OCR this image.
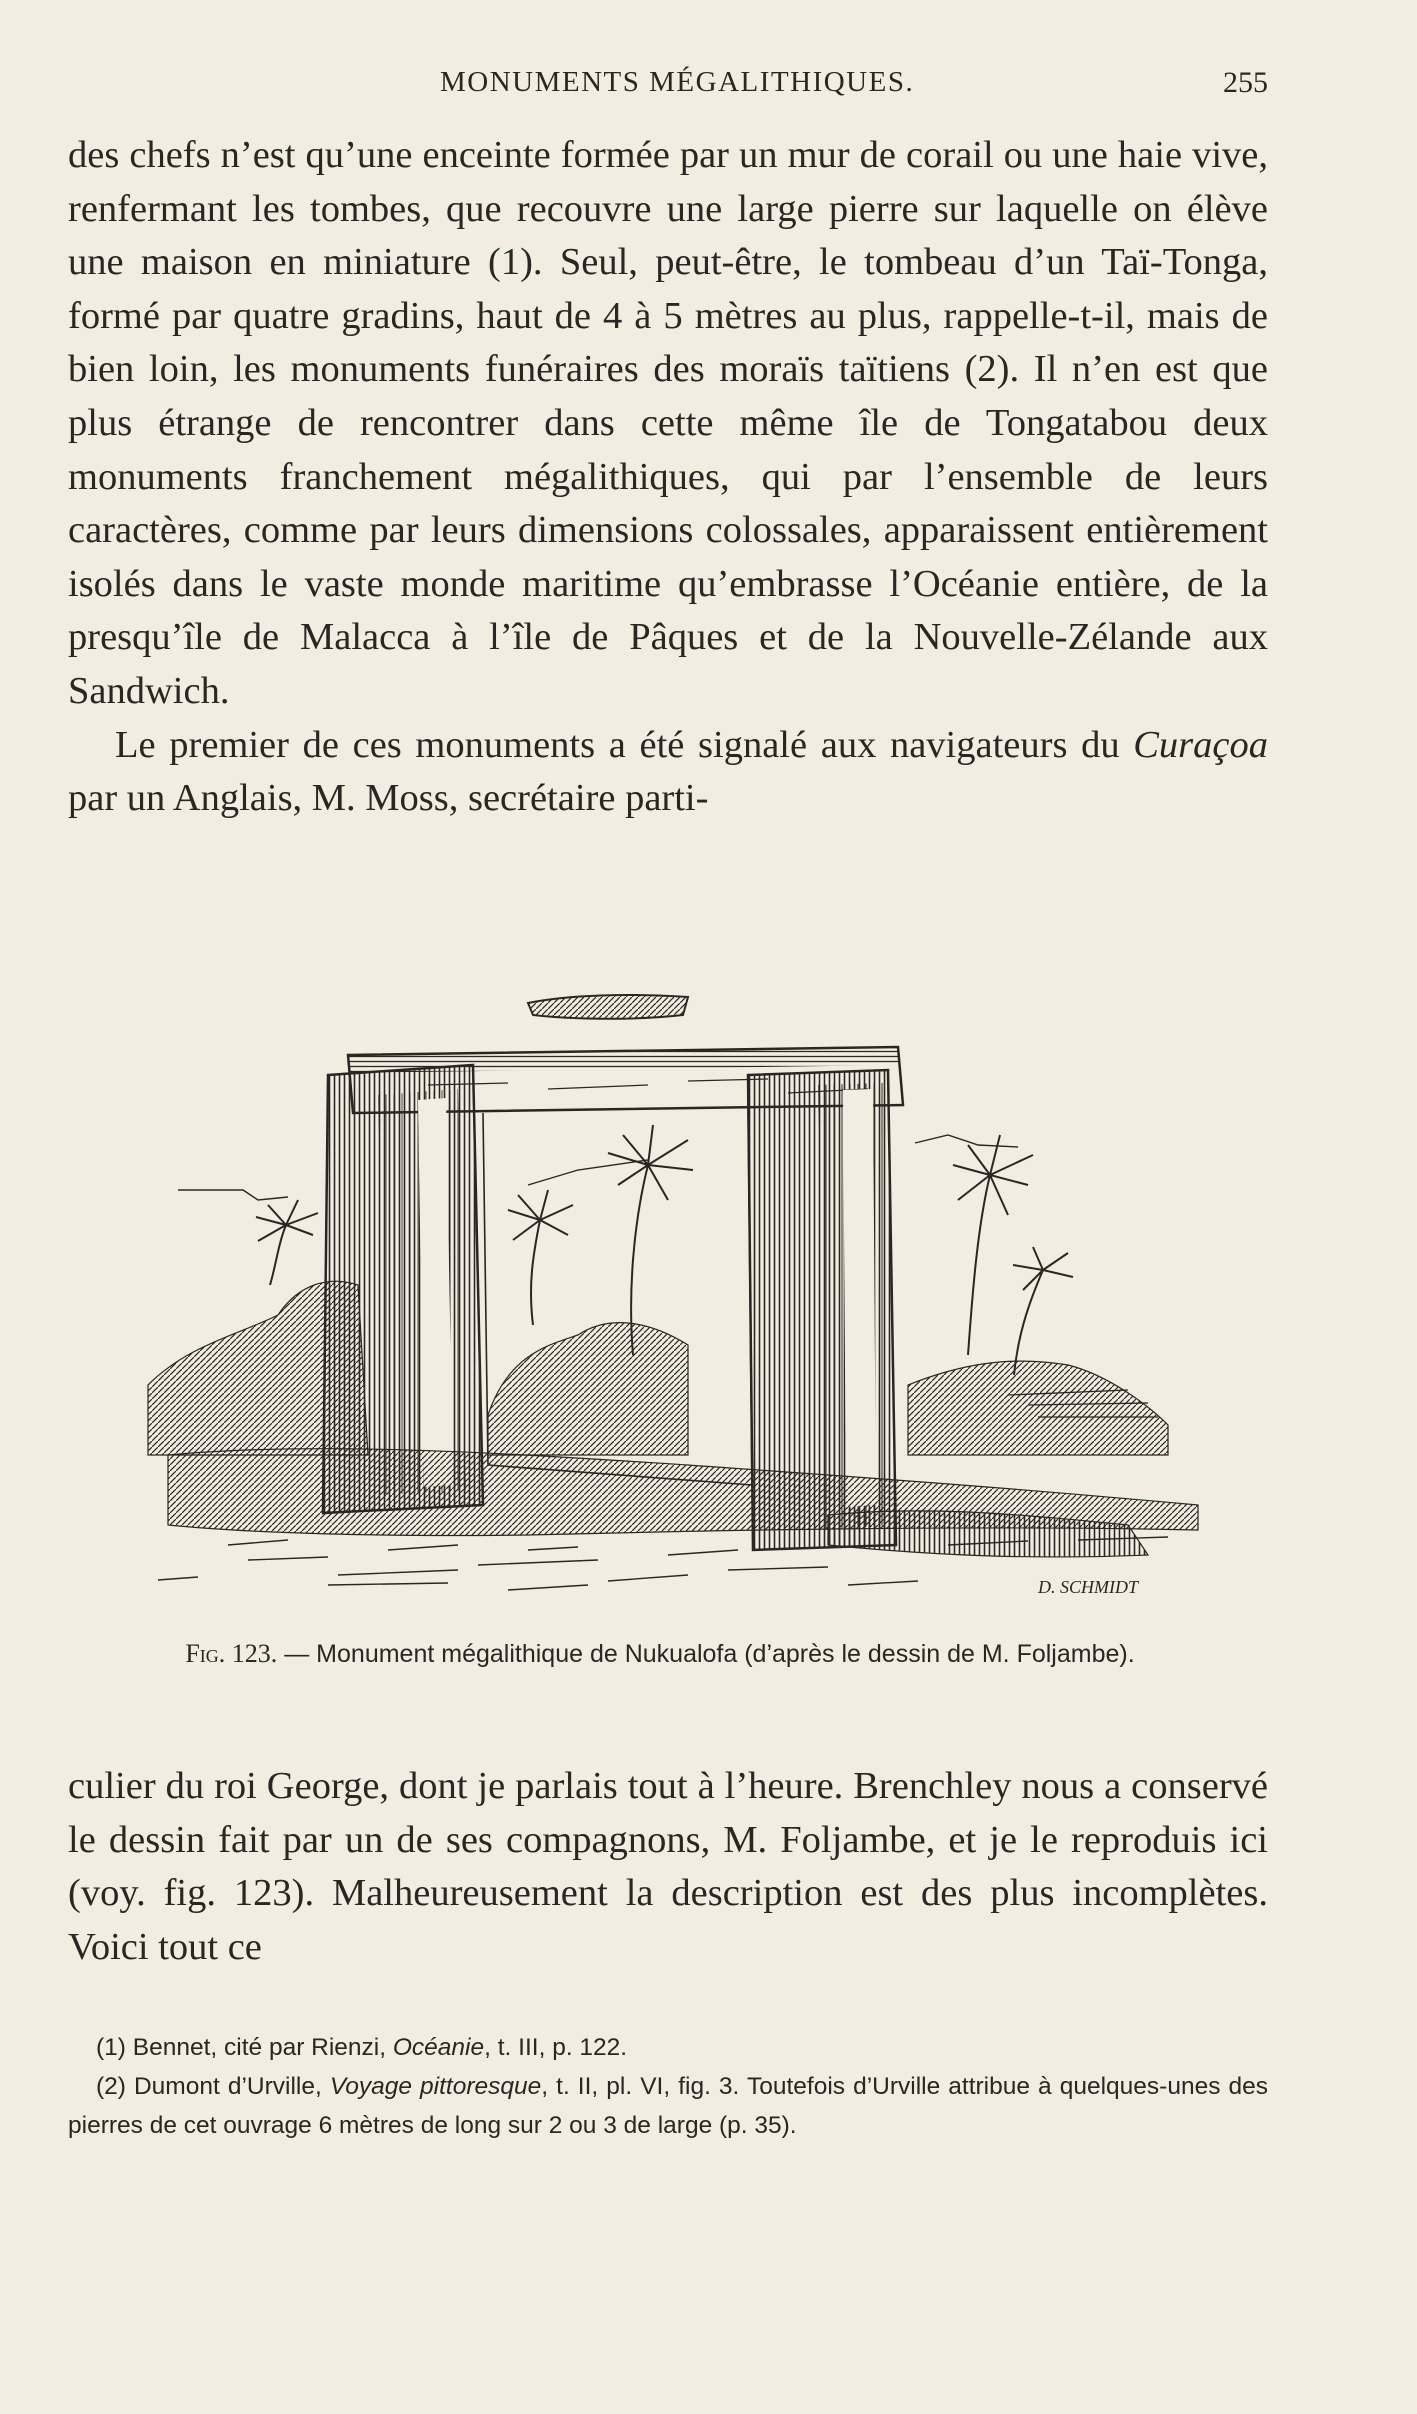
MONUMENTS MÉGALITHIQUES.	255

des chefs n’est qu’une enceinte formée par un mur de corail ou une haie vive, renfermant les tombes, que recouvre une large pierre sur laquelle on élève une maison en miniature (1). Seul, peut-être, le tombeau d’un Taï-Tonga, formé par quatre gradins, haut de 4 à 5 mètres au plus, rappelle-t-il, mais de bien loin, les monuments funéraires des moraïs taïtiens (2). Il n’en est que plus étrange de rencontrer dans cette même île de Tongatabou deux monuments franchement mégalithiques, qui par l’ensemble de leurs caractères, comme par leurs dimensions colossales, apparaissent entièrement isolés dans le vaste monde maritime qu’embrasse l’Océanie entière, de la presqu’île de Malacca à l’île de Pâques et de la Nouvelle-Zélande aux Sandwich.

Le premier de ces monuments a été signalé aux navigateurs du Curaçoa par un Anglais, M. Moss, secrétaire parti-

D. SCHMIDT
Fig. 123. — Monument mégalithique de Nukualofa (d’après le dessin de M. Foljambe).

culier du roi George, dont je parlais tout à l’heure. Brenchley nous a conservé le dessin fait par un de ses compagnons, M. Foljambe, et je le reproduis ici (voy. fig. 123). Malheureusement la description est des plus incomplètes. Voici tout ce

(1) Bennet, cité par Rienzi, Océanie, t. III, p. 122.

(2) Dumont d’Urville, Voyage pittoresque, t. II, pl. VI, fig. 3. Toutefois d’Urville attribue à quelques-unes des pierres de cet ouvrage 6 mètres de long sur 2 ou 3 de large (p. 35).
